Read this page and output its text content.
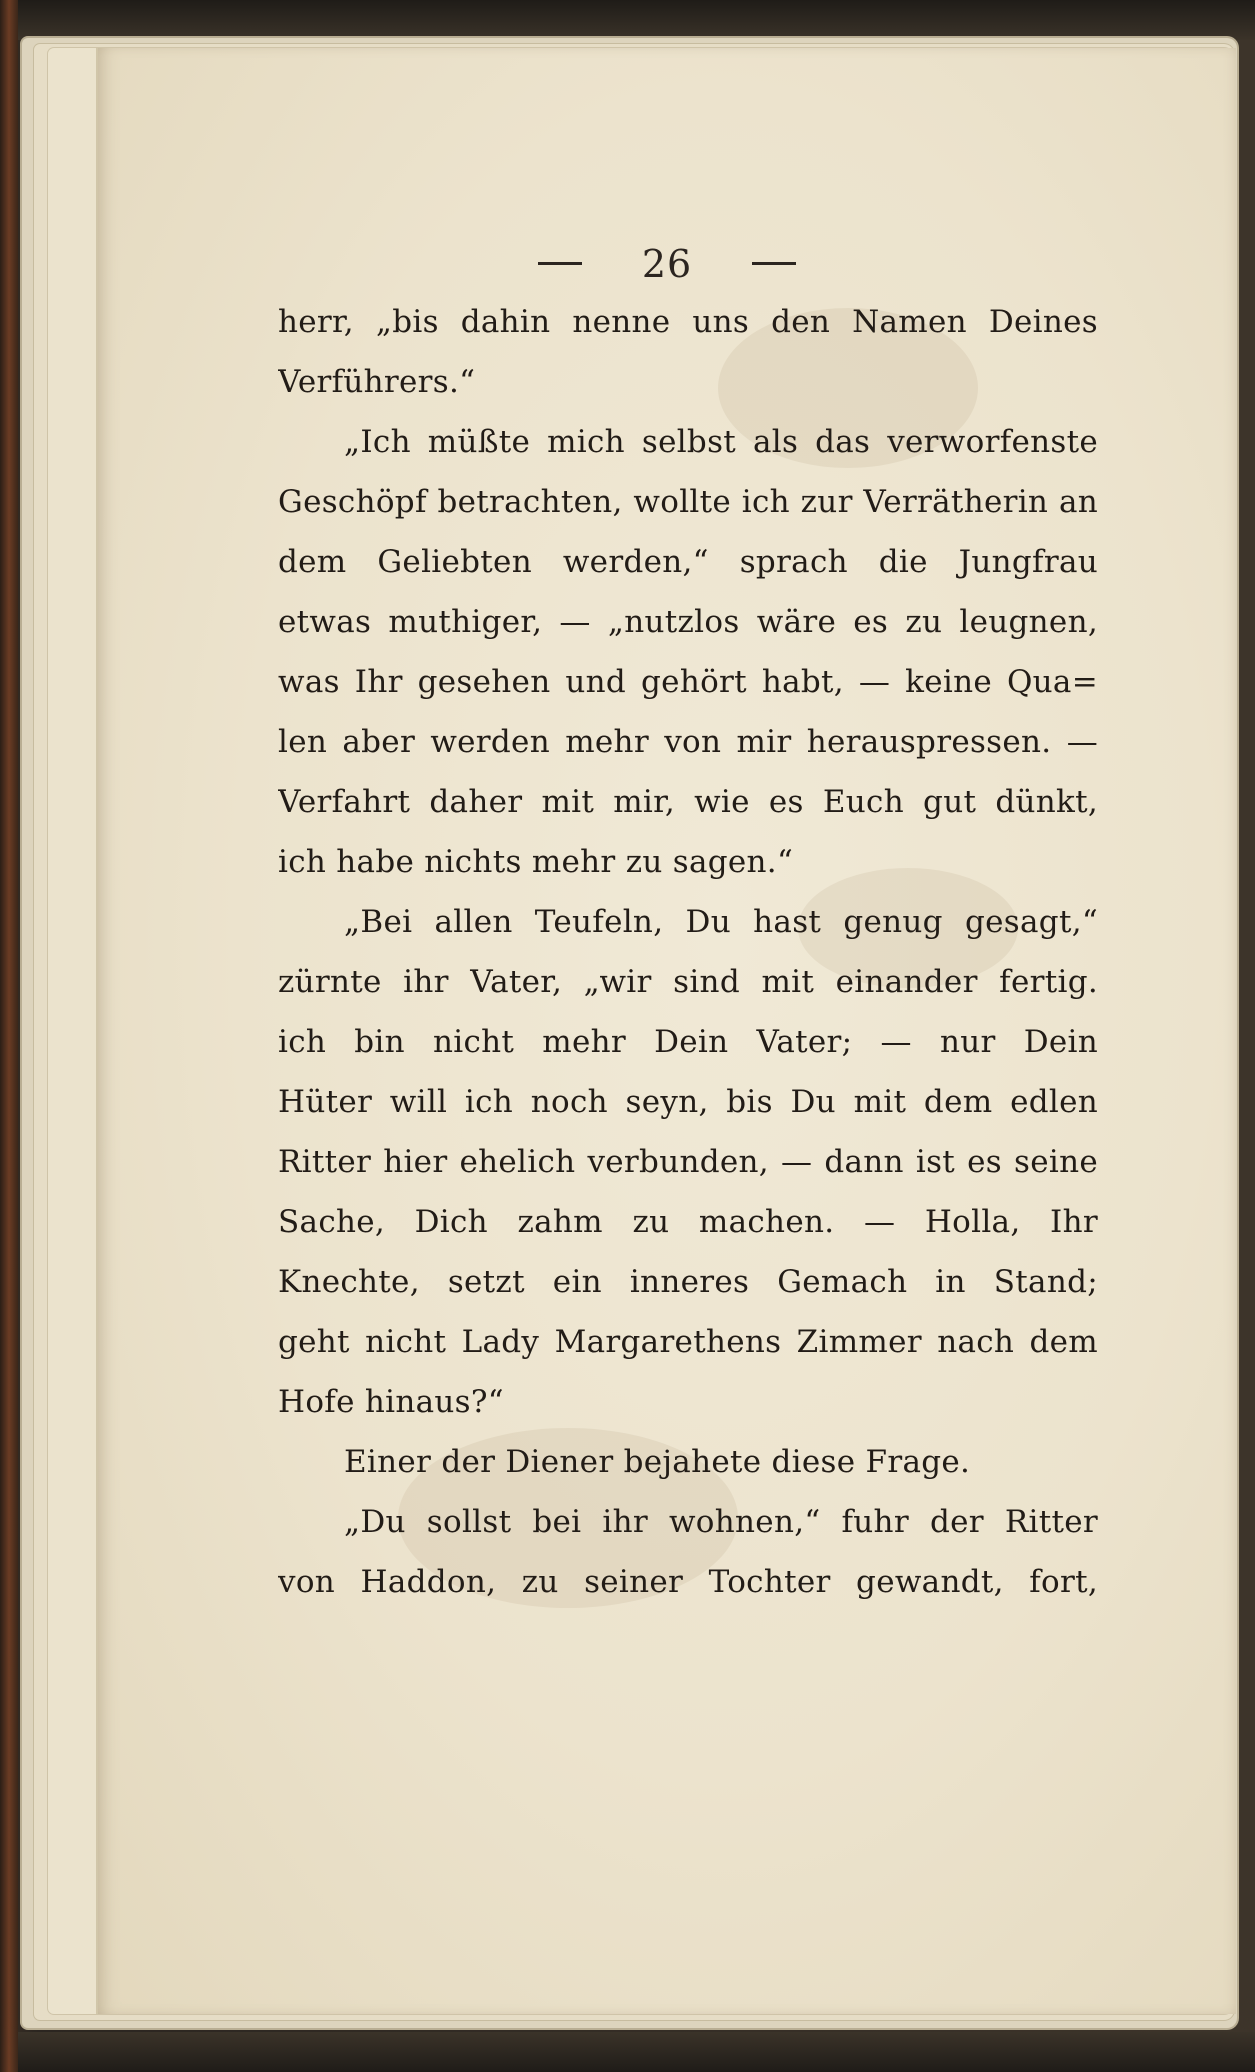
26
herr, „bis dahin nenne uns den Namen Deines
Verführers.“
„Ich müßte mich selbst als das verworfenste
Geschöpf betrachten, wollte ich zur Verrätherin an
dem Geliebten werden,“ sprach die Jungfrau
etwas muthiger, — „nutzlos wäre es zu leugnen,
was Ihr gesehen und gehört habt, — keine Qua=
len aber werden mehr von mir herauspressen. —
Verfahrt daher mit mir, wie es Euch gut dünkt,
ich habe nichts mehr zu sagen.“
„Bei allen Teufeln, Du hast genug gesagt,“
zürnte ihr Vater, „wir sind mit einander fertig.
ich bin nicht mehr Dein Vater; — nur Dein
Hüter will ich noch seyn, bis Du mit dem edlen
Ritter hier ehelich verbunden, — dann ist es seine
Sache, Dich zahm zu machen. — Holla, Ihr
Knechte, setzt ein inneres Gemach in Stand;
geht nicht Lady Margarethens Zimmer nach dem
Hofe hinaus?“
Einer der Diener bejahete diese Frage.
„Du sollst bei ihr wohnen,“ fuhr der Ritter
von Haddon, zu seiner Tochter gewandt, fort,
